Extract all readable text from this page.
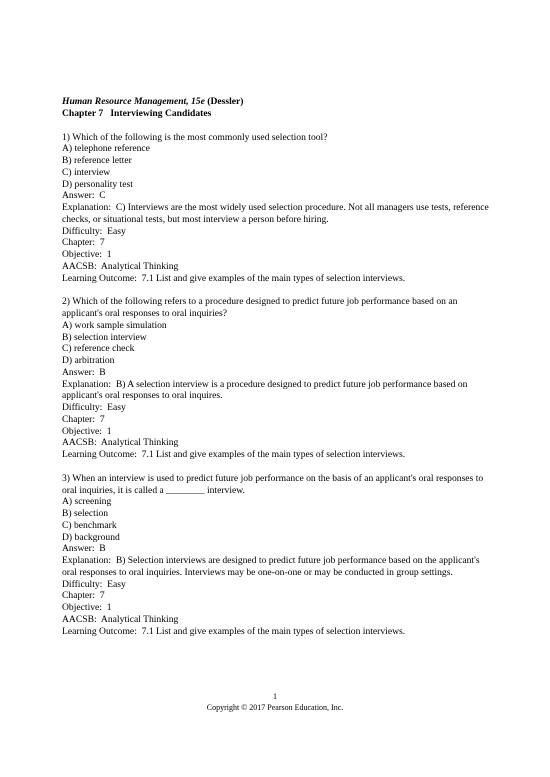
Human Resource Management, 15e (Dessler)
Chapter 7   Interviewing Candidates
1) Which of the following is the most commonly used selection tool?
A) telephone reference
B) reference letter
C) interview
D) personality test
Answer:  C
Explanation:  C) Interviews are the most widely used selection procedure. Not all managers use tests, reference checks, or situational tests, but most interview a person before hiring.
Difficulty:  Easy
Chapter:  7
Objective:  1
AACSB:  Analytical Thinking
Learning Outcome:  7.1 List and give examples of the main types of selection interviews.
2) Which of the following refers to a procedure designed to predict future job performance based on an applicant's oral responses to oral inquiries?
A) work sample simulation
B) selection interview
C) reference check
D) arbitration
Answer:  B
Explanation:  B) A selection interview is a procedure designed to predict future job performance based on applicant's oral responses to oral inquires.
Difficulty:  Easy
Chapter:  7
Objective:  1
AACSB:  Analytical Thinking
Learning Outcome:  7.1 List and give examples of the main types of selection interviews.
3) When an interview is used to predict future job performance on the basis of an applicant's oral responses to oral inquiries, it is called a ________ interview.
A) screening
B) selection
C) benchmark
D) background
Answer:  B
Explanation:  B) Selection interviews are designed to predict future job performance based on the applicant's oral responses to oral inquiries. Interviews may be one-on-one or may be conducted in group settings.
Difficulty:  Easy
Chapter:  7
Objective:  1
AACSB:  Analytical Thinking
Learning Outcome:  7.1 List and give examples of the main types of selection interviews.
1
Copyright © 2017 Pearson Education, Inc.
